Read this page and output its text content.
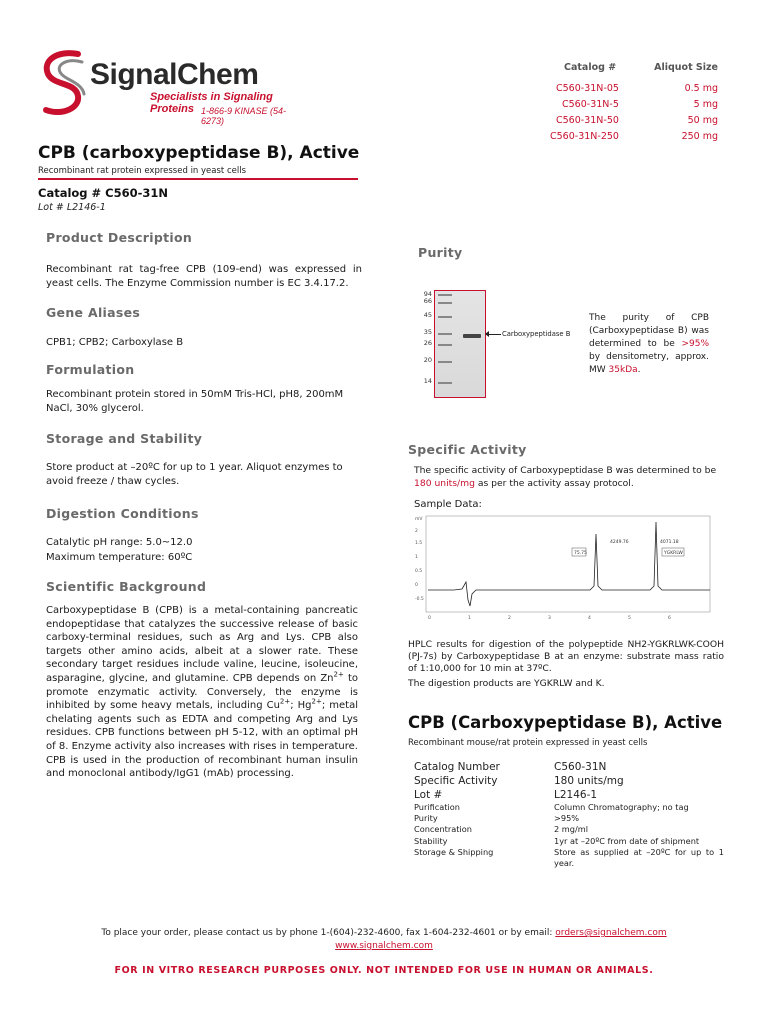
SignalChem
Specialists in Signaling Proteins 1-866-9 KINASE (54-6273)
Catalog #	Aliquot Size
C560-31N-05	0.5 mg
C560-31N-5	5 mg
C560-31N-50	50 mg
C560-31N-250	250 mg
CPB (carboxypeptidase B), Active
Recombinant rat protein expressed in yeast cells
Catalog # C560-31N
Lot # L2146-1
Product Description
Recombinant rat tag-free CPB (109-end) was expressed in yeast cells. The Enzyme Commission number is EC 3.4.17.2.
Gene Aliases
CPB1; CPB2; Carboxylase B
Formulation
Recombinant protein stored in 50mM Tris-HCl, pH8, 200mM NaCl, 30% glycerol.
Storage and Stability
Store product at –20ºC for up to 1 year. Aliquot enzymes to avoid freeze / thaw cycles.
Digestion Conditions
Catalytic pH range: 5.0~12.0
Maximum temperature: 60ºC
Scientific Background
Carboxypeptidase B (CPB) is a metal-containing pancreatic endopeptidase that catalyzes the successive release of basic carboxy-terminal residues, such as Arg and Lys. CPB also targets other amino acids, albeit at a slower rate. These secondary target residues include valine, leucine, isoleucine, asparagine, glycine, and glutamine. CPB depends on $Zn^{2+}$ to promote enzymatic activity. Conversely, the enzyme is inhibited by some heavy metals, including $Cu^{2+}$; $Hg^{2+}$; metal chelating agents such as EDTA and competing Arg and Lys residues. CPB functions between pH 5-12, with an optimal pH of 8. Enzyme activity also increases with rises in temperature. CPB is used in the production of recombinant human insulin and monoclonal antibody/IgG1 (mAb) processing.
Purity
94
66
45
35
26
20
14
Carboxypeptidase B
The purity of CPB (Carboxypeptidase B) was determined to be >95% by densitometry, approx. MW 35kDa.
Specific Activity
The specific activity of Carboxypeptidase B was determined to be 180 units/mg as per the activity assay protocol.
Sample Data:
mV
2
1.5
1
0.5
0
-0.5
0	1	2	3	4	5	6
75.75
4249.76	4071.18
YGKRLW
HPLC results for digestion of the polypeptide NH2-YGKRLWK-COOH (PJ-7s) by Carboxypeptidase B at an enzyme: substrate mass ratio of 1:10,000 for 10 min at 37ºC.
The digestion products are YGKRLW and K.
CPB (Carboxypeptidase B), Active
Recombinant mouse/rat protein expressed in yeast cells
Catalog Number	C560-31N
Specific Activity	180 units/mg
Lot #	L2146-1
Purification	Column Chromatography; no tag
Purity	>95%
Concentration	2 mg/ml
Stability	1yr at –20ºC from date of shipment
Storage & Shipping	Store as supplied at –20ºC for up to 1 year.
To place your order, please contact us by phone 1-(604)-232-4600, fax 1-604-232-4601 or by email: orders@signalchem.com
www.signalchem.com
FOR IN VITRO RESEARCH PURPOSES ONLY. NOT INTENDED FOR USE IN HUMAN OR ANIMALS.
